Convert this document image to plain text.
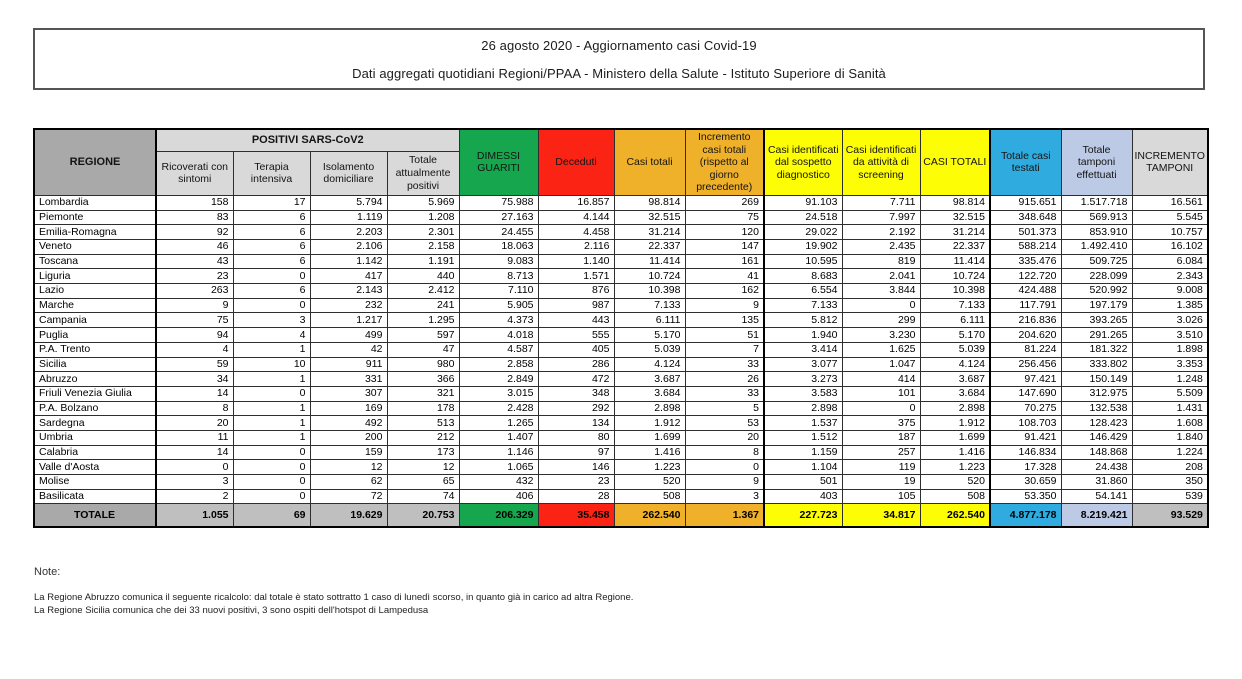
26 agosto 2020 - Aggiornamento casi Covid-19
Dati aggregati quotidiani Regioni/PPAA - Ministero della Salute - Istituto Superiore di Sanità
REGIONE	POSITIVI SARS-CoV2				DIMESSI GUARITI	Deceduti	Casi totali	Incremento casi totali (rispetto al giorno precedente)	Casi identificati dal sospetto diagnostico	Casi identificati da attività di screening	CASI TOTALI	Totale casi testati	Totale tamponi effettuati	INCREMENTO TAMPONI
	Ricoverati con sintomi	Terapia intensiva	Isolamento domiciliare	Totale attualmente positivi										
Lombardia	158	17	5.794	5.969	75.988	16.857	98.814	269	91.103	7.711	98.814	915.651	1.517.718	16.561
Piemonte	83	6	1.119	1.208	27.163	4.144	32.515	75	24.518	7.997	32.515	348.648	569.913	5.545
Emilia-Romagna	92	6	2.203	2.301	24.455	4.458	31.214	120	29.022	2.192	31.214	501.373	853.910	10.757
Veneto	46	6	2.106	2.158	18.063	2.116	22.337	147	19.902	2.435	22.337	588.214	1.492.410	16.102
Toscana	43	6	1.142	1.191	9.083	1.140	11.414	161	10.595	819	11.414	335.476	509.725	6.084
Liguria	23	0	417	440	8.713	1.571	10.724	41	8.683	2.041	10.724	122.720	228.099	2.343
Lazio	263	6	2.143	2.412	7.110	876	10.398	162	6.554	3.844	10.398	424.488	520.992	9.008
Marche	9	0	232	241	5.905	987	7.133	9	7.133	0	7.133	117.791	197.179	1.385
Campania	75	3	1.217	1.295	4.373	443	6.111	135	5.812	299	6.111	216.836	393.265	3.026
Puglia	94	4	499	597	4.018	555	5.170	51	1.940	3.230	5.170	204.620	291.265	3.510
P.A. Trento	4	1	42	47	4.587	405	5.039	7	3.414	1.625	5.039	81.224	181.322	1.898
Sicilia	59	10	911	980	2.858	286	4.124	33	3.077	1.047	4.124	256.456	333.802	3.353
Abruzzo	34	1	331	366	2.849	472	3.687	26	3.273	414	3.687	97.421	150.149	1.248
Friuli Venezia Giulia	14	0	307	321	3.015	348	3.684	33	3.583	101	3.684	147.690	312.975	5.509
P.A. Bolzano	8	1	169	178	2.428	292	2.898	5	2.898	0	2.898	70.275	132.538	1.431
Sardegna	20	1	492	513	1.265	134	1.912	53	1.537	375	1.912	108.703	128.423	1.608
Umbria	11	1	200	212	1.407	80	1.699	20	1.512	187	1.699	91.421	146.429	1.840
Calabria	14	0	159	173	1.146	97	1.416	8	1.159	257	1.416	146.834	148.868	1.224
Valle d'Aosta	0	0	12	12	1.065	146	1.223	0	1.104	119	1.223	17.328	24.438	208
Molise	3	0	62	65	432	23	520	9	501	19	520	30.659	31.860	350
Basilicata	2	0	72	74	406	28	508	3	403	105	508	53.350	54.141	539
TOTALE	1.055	69	19.629	20.753	206.329	35.458	262.540	1.367	227.723	34.817	262.540	4.877.178	8.219.421	93.529
Note:
La Regione Abruzzo comunica il seguente ricalcolo: dal totale è stato sottratto 1 caso di lunedì scorso, in quanto già in carico ad altra Regione.
La Regione Sicilia comunica che dei 33 nuovi positivi, 3 sono ospiti dell'hotspot di Lampedusa
